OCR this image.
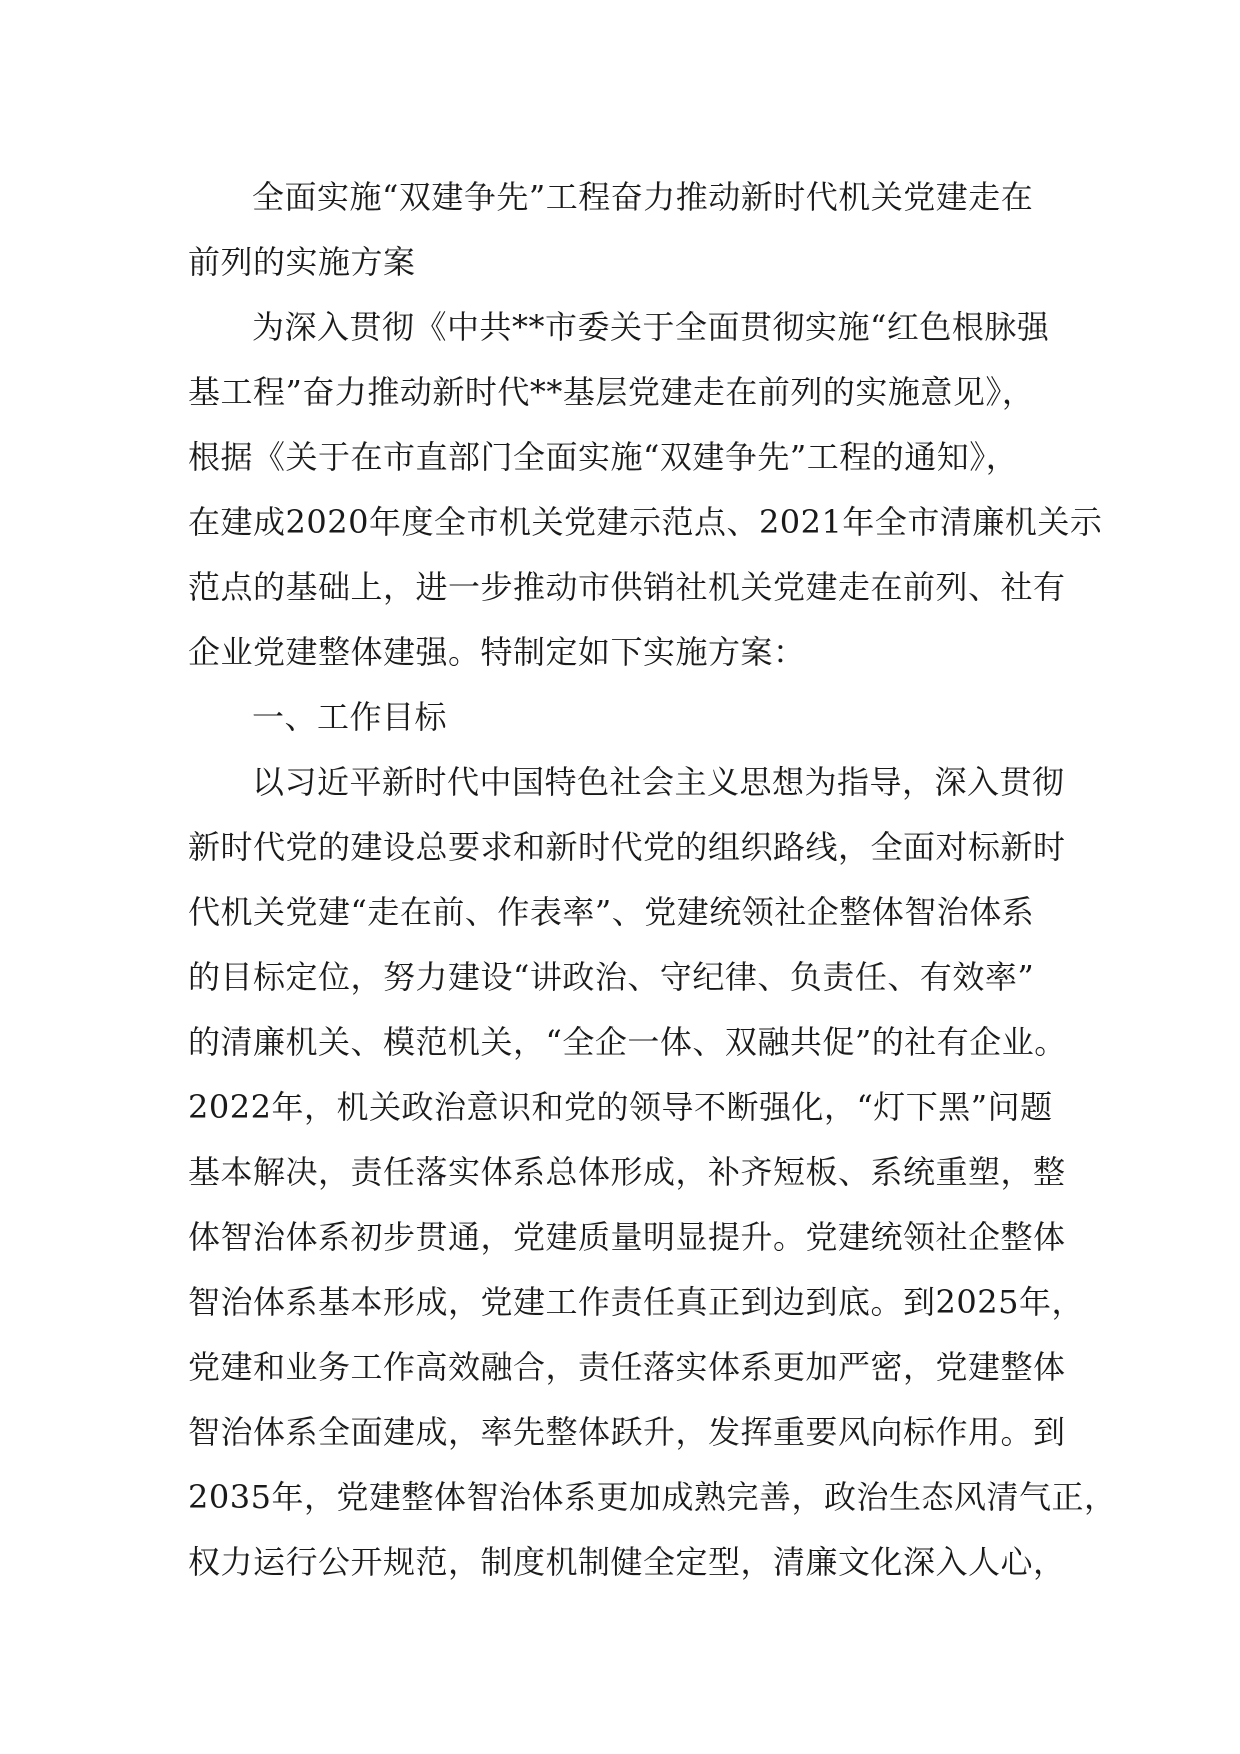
全面实施“双建争先”工程奋力推动新时代机关党建走在
前列的实施方案

为深入贯彻《中共**市委关于全面贯彻实施“红色根脉强
基工程”奋力推动新时代**基层党建走在前列的实施意见》，
根据《关于在市直部门全面实施“双建争先”工程的通知》，
在建成2020年度全市机关党建示范点、2021年全市清廉机关示
范点的基础上，进一步推动市供销社机关党建走在前列、社有
企业党建整体建强。特制定如下实施方案：

一、工作目标

以习近平新时代中国特色社会主义思想为指导，深入贯彻
新时代党的建设总要求和新时代党的组织路线，全面对标新时
代机关党建“走在前、作表率”、党建统领社企整体智治体系
的目标定位，努力建设“讲政治、守纪律、负责任、有效率”
的清廉机关、模范机关，“全企一体、双融共促”的社有企业。
2022年，机关政治意识和党的领导不断强化，“灯下黑”问题
基本解决，责任落实体系总体形成，补齐短板、系统重塑，整
体智治体系初步贯通，党建质量明显提升。党建统领社企整体
智治体系基本形成，党建工作责任真正到边到底。到2025年，
党建和业务工作高效融合，责任落实体系更加严密，党建整体
智治体系全面建成，率先整体跃升，发挥重要风向标作用。到
2035年，党建整体智治体系更加成熟完善，政治生态风清气正，
权力运行公开规范，制度机制健全定型，清廉文化深入人心，
